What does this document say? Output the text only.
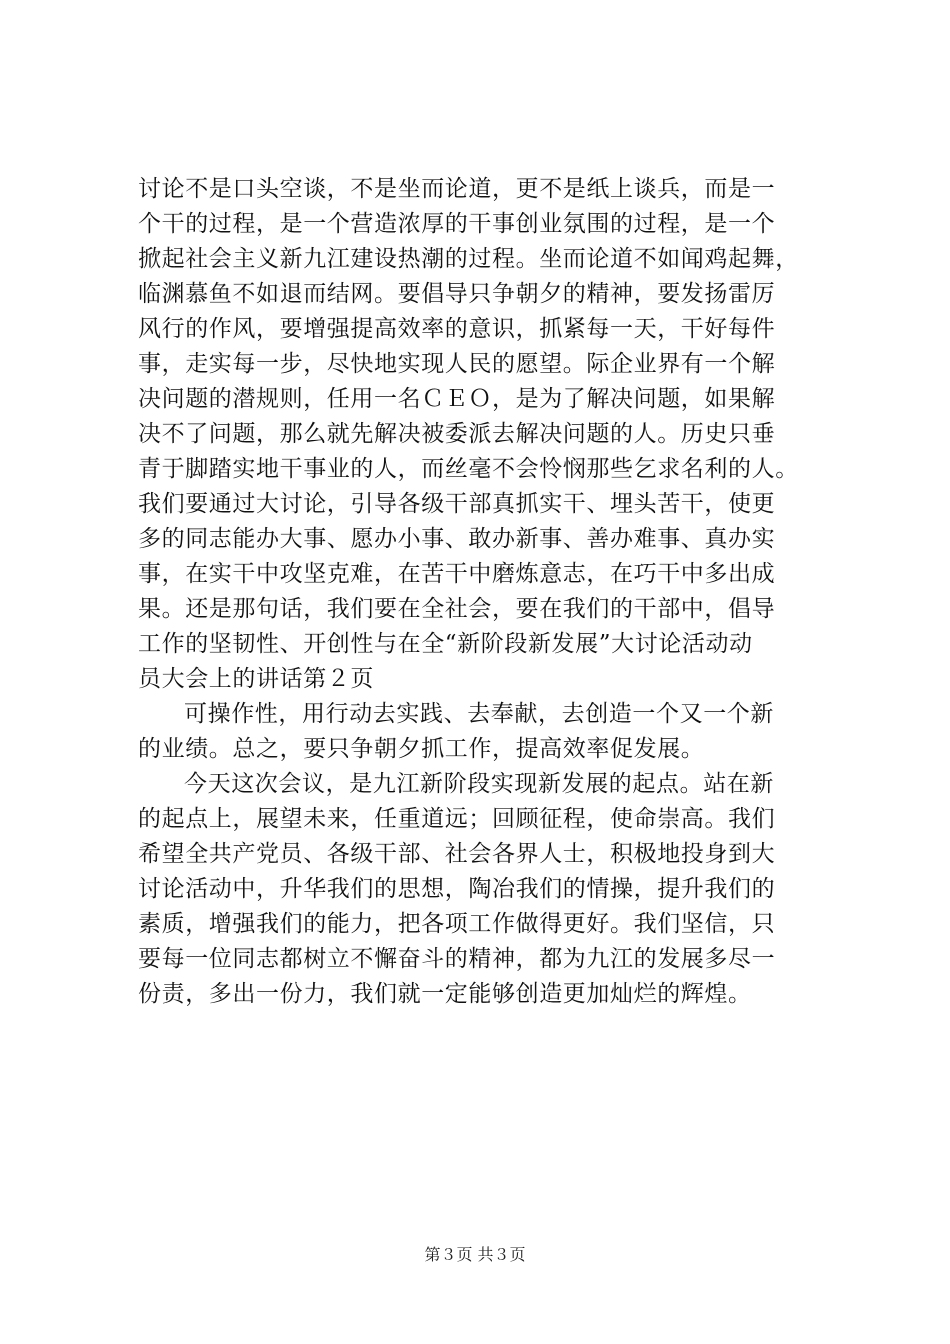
讨论不是口头空谈，不是坐而论道，更不是纸上谈兵，而是一
个干的过程，是一个营造浓厚的干事创业氛围的过程，是一个
掀起社会主义新九江建设热潮的过程。坐而论道不如闻鸡起舞，
临渊慕鱼不如退而结网。要倡导只争朝夕的精神，要发扬雷厉
风行的作风，要增强提高效率的意识，抓紧每一天，干好每件
事，走实每一步，尽快地实现人民的愿望。际企业界有一个解
决问题的潜规则，任用一名ＣＥＯ，是为了解决问题，如果解
决不了问题，那么就先解决被委派去解决问题的人。历史只垂
青于脚踏实地干事业的人，而丝毫不会怜悯那些乞求名利的人。
我们要通过大讨论，引导各级干部真抓实干、埋头苦干，使更
多的同志能办大事、愿办小事、敢办新事、善办难事、真办实
事，在实干中攻坚克难，在苦干中磨炼意志，在巧干中多出成
果。还是那句话，我们要在全社会，要在我们的干部中，倡导
工作的坚韧性、开创性与在全“新阶段新发展”大讨论活动动
员大会上的讲话第２页
可操作性，用行动去实践、去奉献，去创造一个又一个新
的业绩。总之，要只争朝夕抓工作，提高效率促发展。
今天这次会议，是九江新阶段实现新发展的起点。站在新
的起点上，展望未来，任重道远；回顾征程，使命崇高。我们
希望全共产党员、各级干部、社会各界人士，积极地投身到大
讨论活动中，升华我们的思想，陶冶我们的情操，提升我们的
素质，增强我们的能力，把各项工作做得更好。我们坚信，只
要每一位同志都树立不懈奋斗的精神，都为九江的发展多尽一
份责，多出一份力，我们就一定能够创造更加灿烂的辉煌。
第３页 共３页
